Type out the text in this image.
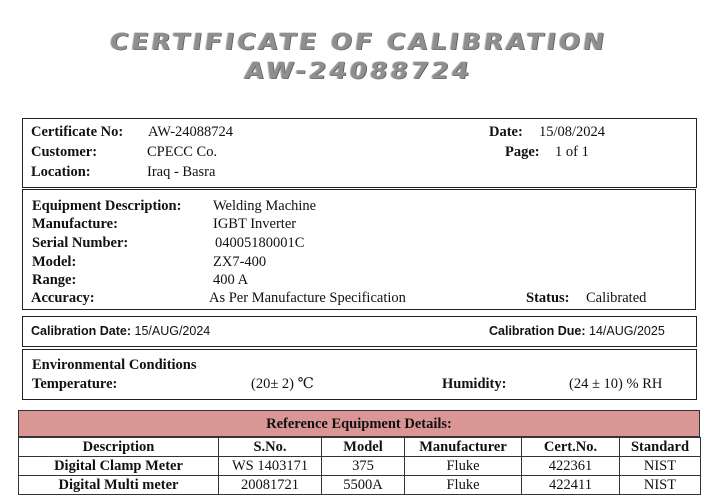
CERTIFICATE OF CALIBRATION
AW-24088724
Certificate No: AW-24088724
Customer:	CPECC Co.
Location:	Iraq - Basra
Date: 15/08/2024
Page: 1 of 1
Equipment Description: Welding Machine
Manufacture:	IGBT Inverter
Serial Number:	04005180001C
Model:	ZX7-400
Range:	400 A
Accuracy:	As Per Manufacture Specification	Status: Calibrated
Calibration Date: 15/AUG/2024	Calibration Due: 14/AUG/2025
Environmental Conditions
Temperature:	(20± 2) ℃	Humidity:	(24 ± 10) % RH
Reference Equipment Details:
Description	S.No.	Model	Manufacturer	Cert.No.	Standard
Digital Clamp Meter	WS 1403171	375	Fluke	422361	NIST
Digital Multi meter	20081721	5500A	Fluke	422411	NIST
